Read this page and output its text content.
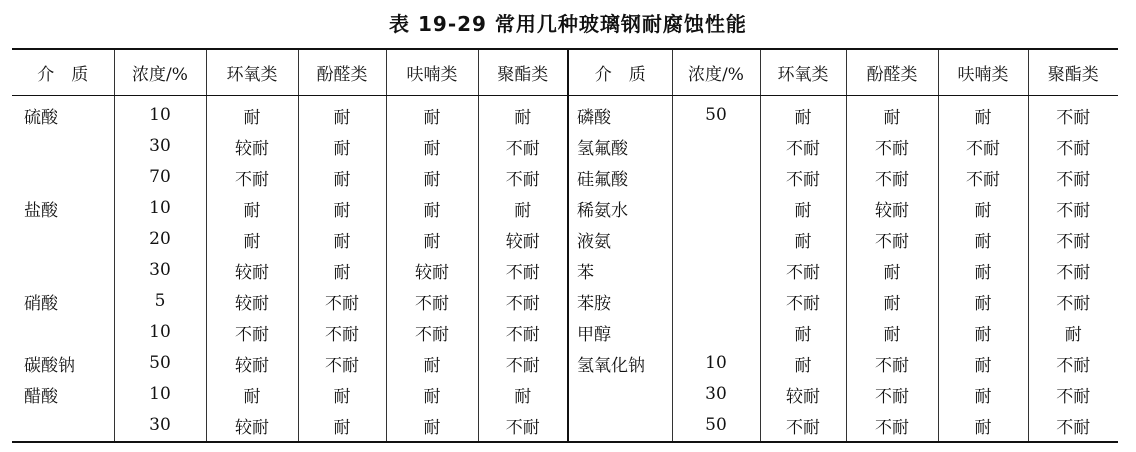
表 19-29 常用几种玻璃钢耐腐蚀性能
介　质	浓度/%	环氧类	酚醛类	呋喃类	聚酯类	介　质	浓度/%	环氧类	酚醛类	呋喃类	聚酯类
硫酸	10	耐	耐	耐	耐	磷酸	50	耐	耐	耐	不耐
	30	较耐	耐	耐	不耐	氢氟酸		不耐	不耐	不耐	不耐
	70	不耐	耐	耐	不耐	硅氟酸		不耐	不耐	不耐	不耐
盐酸	10	耐	耐	耐	耐	稀氨水		耐	较耐	耐	不耐
	20	耐	耐	耐	较耐	液氨		耐	不耐	耐	不耐
	30	较耐	耐	较耐	不耐	苯		不耐	耐	耐	不耐
硝酸	5	较耐	不耐	不耐	不耐	苯胺		不耐	耐	耐	不耐
	10	不耐	不耐	不耐	不耐	甲醇		耐	耐	耐	耐
碳酸钠	50	较耐	不耐	耐	不耐	氢氧化钠	10	耐	不耐	耐	不耐
醋酸	10	耐	耐	耐	耐		30	较耐	不耐	耐	不耐
	30	较耐	耐	耐	不耐		50	不耐	不耐	耐	不耐
